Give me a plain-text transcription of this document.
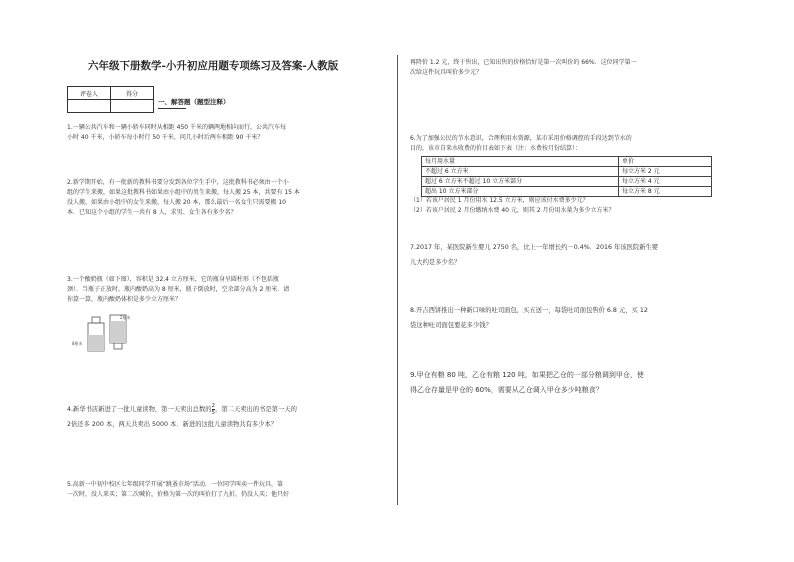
六年级下册数学-小升初应用题专项练习及答案-人教版
评卷人	得分

一、解答题（题型注释）
1.一辆公共汽车和一辆小轿车同时从相距 450 千米的辆两地相向而行，公共汽车每
小时 40 千米，小轿车每小时行 50 千米，问几小时后两车相距 90 千米？
2.新学期开始，有一批新的教科书要分发到各位学生手中，这批教科书必须由一个小
组的学生来搬，如果这批教科书如果由小组中的男生来搬，每人搬 25 本，共要有 15 本
没人搬，如果由小组中的女生来搬，每人搬 20 本，那么最后一名女生只需要搬 10
本．已知这个小组的学生一共有 8 人，求男、女生各有多少名？
3.一个酸奶瓶（如下图），容积是 32.4 立方厘米，它的瓶身呈圆柱形（不包括瓶
颈）．当瓶子正放时，瓶内酸奶高为 8 厘米，瓶子倒放时，空余部分高为 2 厘米．请
你算一算，瓶内酸奶体积是多少立方厘米？
8厘米
2厘米
4.新华书店新进了一批儿童读物，第一天卖出总数的 $\frac{2}{5}$ ，第二天卖出的书是第一天的
2倍还多 200 本，两天共卖出 5000 本．新进的这批儿童读物共有多少本？
5.高新一中初中校区七年级同学开展“跳蚤市场”活动．一位同学叫卖一件玩具，第
一次时，没人来买；第二次喊价，价格为第一次的叫价打了九折，仍没人买；他只好
再降价 1.2 元，终于售出，已知出售的价格恰好是第一次叫价的 66%．这位同学第一
次给这件玩具叫价多少元？
6.为了加强公民的节水意识，合理利用水资源，某市采用价格调控的手段达到节水的
目的，该市自来水收费的价目表如下表（注：水费按月份结算）：
每月用水量	单价
不超过 6 立方米	每立方米 2 元
超过 6 立方米不超过 10 立方米部分	每立方米 4 元
超出 10 立方米部分	每立方米 8 元
（1）若该户居民 1 月份用水 12.5 立方米，则应该付水费多少元？
（2）若该户居民 2 月份缴纳水费 40 元，则其 2 月份用水量为多少立方米？
7.2017 年，某医院新生婴儿 2750 名，比上一年增长约－0.4%．2016 年该医院新生婴
儿大约是多少名？
8.开吉西饼推出一种新口味的吐司面包，买五送一，每袋吐司面包售价 6.8 元，买 12
袋这种吐司面包要花多少钱？
9.甲仓有粮 80 吨，乙仓有粮 120 吨，如果把乙仓的一部分粮调到甲仓，使
得乙仓存量是甲仓的 60%，需要从乙仓调入甲仓多少吨粮食？
